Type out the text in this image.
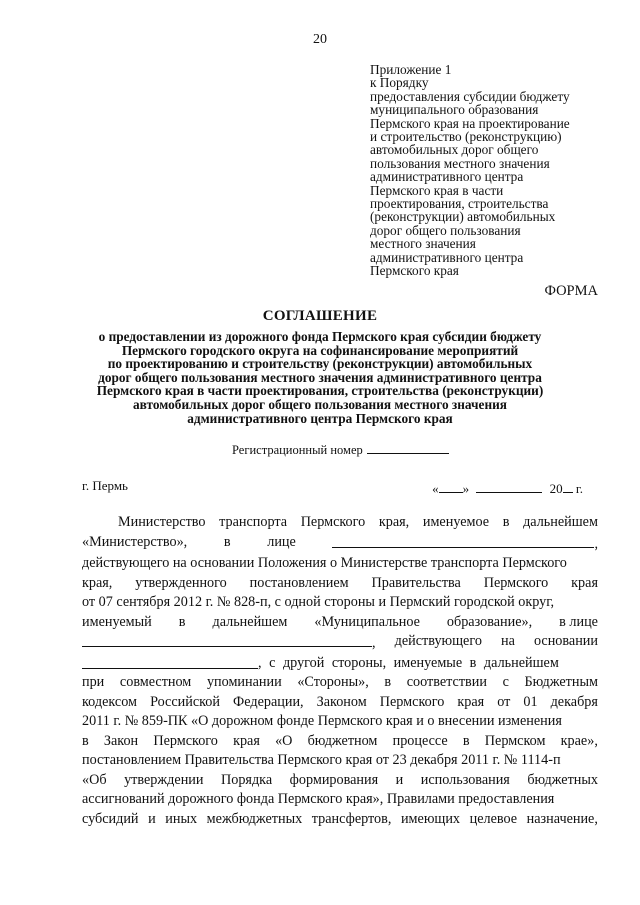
20
Приложение 1
к Порядку
предоставления субсидии бюджету
муниципального образования
Пермского края на проектирование
и строительство (реконструкцию)
автомобильных дорог общего
пользования местного значения
административного центра
Пермского края в части
проектирования, строительства
(реконструкции) автомобильных
дорог общего пользования
местного значения
административного центра
Пермского края
ФОРМА
СОГЛАШЕНИЕ
о предоставлении из дорожного фонда Пермского края субсидии бюджету
Пермского городского округа на софинансирование мероприятий
по проектированию и строительству (реконструкции) автомобильных
дорог общего пользования местного значения административного центра
Пермского края в части проектирования, строительства (реконструкции)
автомобильных дорог общего пользования местного значения
административного центра Пермского края
Регистрационный номер
г. Пермь	« »	20 г.
Министерство транспорта Пермского края, именуемое в дальнейшем
«Министерство»,	в	лице	,
действующего на основании Положения о Министерстве транспорта Пермского
края, утвержденного постановлением Правительства Пермского края
от 07 сентября 2012 г. № 828-п, с одной стороны и Пермский городской округ,
именуемый в дальнейшем «Муниципальное образование», в лице
, действующего на основании
, с другой стороны, именуемые в дальнейшем
при совместном упоминании «Стороны», в соответствии с Бюджетным
кодексом Российской Федерации, Законом Пермского края от 01 декабря
2011 г. № 859-ПК «О дорожном фонде Пермского края и о внесении изменения
в Закон Пермского края «О бюджетном процессе в Пермском крае»,
постановлением Правительства Пермского края от 23 декабря 2011 г. № 1114-п
«Об утверждении Порядка формирования и использования бюджетных
ассигнований дорожного фонда Пермского края», Правилами предоставления
субсидий и иных межбюджетных трансфертов, имеющих целевое назначение,
